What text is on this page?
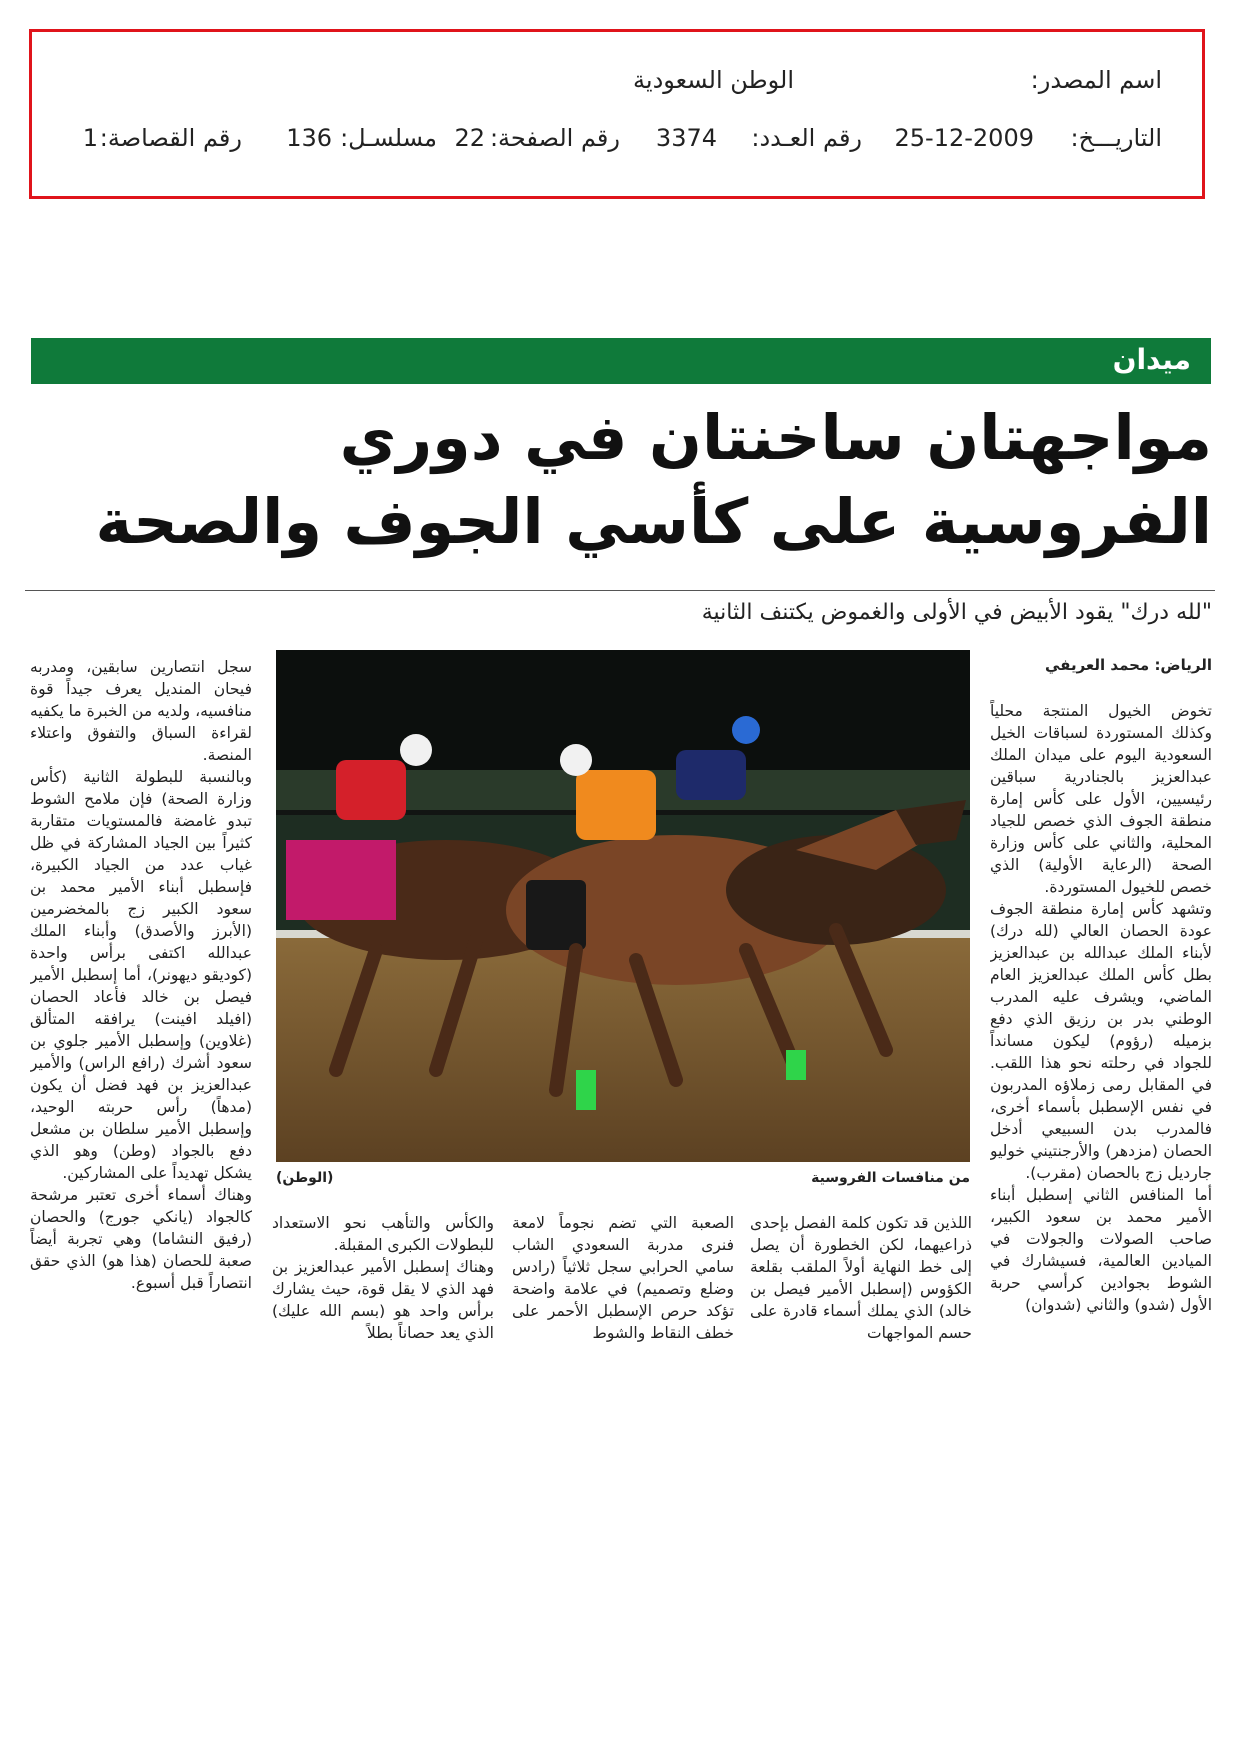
اسم المصدر:
الوطن السعودية
التاريـــخ:
25-12-2009
رقم العـدد:
3374
رقم الصفحة:
22
مسلسـل:
136
رقم القصاصة:
1
ميدان
مواجهتان ساخنتان في دوري الفروسية على كأسي الجوف والصحة
"لله درك" يقود الأبيض في الأولى والغموض يكتنف الثانية
الرياض: محمد العريفي
تخوض الخيول المنتجة محلياً وكذلك المستوردة لسباقات الخيل السعودية اليوم على ميدان الملك عبدالعزيز بالجنادرية سباقين رئيسيين، الأول على كأس إمارة منطقة الجوف الذي خصص للجياد المحلية، والثاني على كأس وزارة الصحة (الرعاية الأولية) الذي خصص للخيول المستوردة.
وتشهد كأس إمارة منطقة الجوف عودة الحصان العالي (لله درك) لأبناء الملك عبدالله بن عبدالعزيز بطل كأس الملك عبدالعزيز العام الماضي، ويشرف عليه المدرب الوطني بدر بن رزيق الذي دفع بزميله (رؤوم) ليكون مسانداً للجواد في رحلته نحو هذا اللقب. في المقابل رمى زملاؤه المدربون في نفس الإسطبل بأسماء أخرى، فالمدرب بدن السبيعي أدخل الحصان (مزدهر) والأرجنتيني خوليو جارديل زج بالحصان (مقرب).
أما المنافس الثاني إسطبل أبناء الأمير محمد بن سعود الكبير، صاحب الصولات والجولات في الميادين العالمية، فسيشارك في الشوط بجوادين كرأسي حربة الأول (شدو) والثاني (شدوان)
اللذين قد تكون كلمة الفصل بإحدى ذراعيهما، لكن الخطورة أن يصل إلى خط النهاية أولاً الملقب بقلعة الكؤوس (إسطبل الأمير فيصل بن خالد) الذي يملك أسماء قادرة على حسم المواجهات
الصعبة التي تضم نجوماً لامعة فنرى مدربة السعودي الشاب سامي الحرابي سجل ثلاثياً (رادس وضلع وتصميم) في علامة واضحة تؤكد حرص الإسطبل الأحمر على خطف النقاط والشوط
والكأس والتأهب نحو الاستعداد للبطولات الكبرى المقبلة.
وهناك إسطبل الأمير عبدالعزيز بن فهد الذي لا يقل قوة، حيث يشارك برأس واحد هو (بسم الله عليك) الذي يعد حصاناً بطلاً
سجل انتصارين سابقين، ومدربه فيحان المنديل يعرف جيداً قوة منافسيه، ولديه من الخبرة ما يكفيه لقراءة السباق والتفوق واعتلاء المنصة.
وبالنسبة للبطولة الثانية (كأس وزارة الصحة) فإن ملامح الشوط تبدو غامضة فالمستويات متقاربة كثيراً بين الجياد المشاركة في ظل غياب عدد من الجياد الكبيرة، فإسطبل أبناء الأمير محمد بن سعود الكبير زج بالمخضرمين (الأبرز والأصدق) وأبناء الملك عبدالله اكتفى برأس واحدة (كوديقو ديهونر)، أما إسطبل الأمير فيصل بن خالد فأعاد الحصان (افيلد افينت) يرافقه المتألق (غلاوين) وإسطبل الأمير جلوي بن سعود أشرك (رافع الراس) والأمير عبدالعزيز بن فهد فضل أن يكون (مدهاً) رأس حربته الوحيد، وإسطبل الأمير سلطان بن مشعل دفع بالجواد (وطن) وهو الذي يشكل تهديداً على المشاركين.
وهناك أسماء أخرى تعتبر مرشحة كالجواد (يانكي جورج) والحصان (رفيق النشاما) وهي تجربة أيضاً صعبة للحصان (هذا هو) الذي حقق انتصاراً قبل أسبوع.
من منافسات الفروسية
(الوطن)
